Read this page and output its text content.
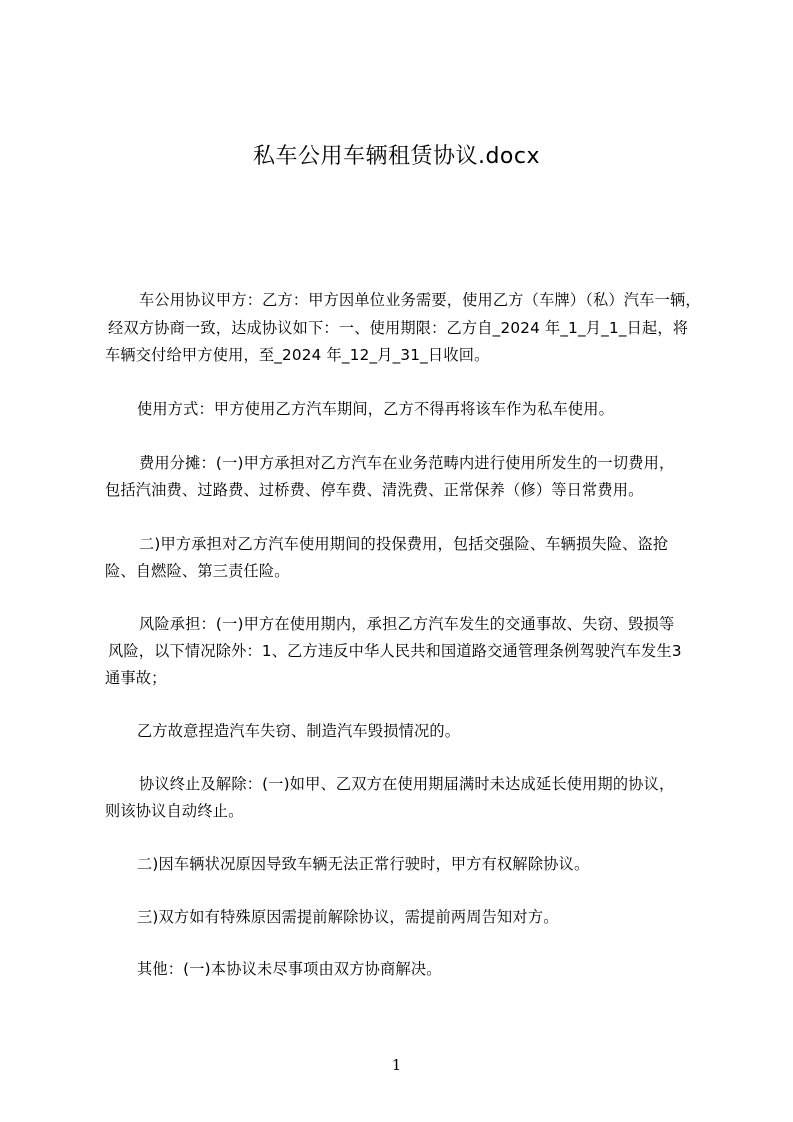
私车公用车辆租赁协议.docx
车公用协议甲方：乙方：甲方因单位业务需要，使用乙方（车牌）（私）汽车一辆，
经双方协商一致，达成协议如下：一、使用期限：乙方自_2024 年_1_月_1_日起，将
车辆交付给甲方使用，至_2024 年_12_月_31_日收回。
使用方式：甲方使用乙方汽车期间，乙方不得再将该车作为私车使用。
费用分摊：(一)甲方承担对乙方汽车在业务范畴内进行使用所发生的一切费用，
包括汽油费、过路费、过桥费、停车费、清洗费、正常保养（修）等日常费用。
二)甲方承担对乙方汽车使用期间的投保费用，包括交强险、车辆损失险、盗抢
险、自燃险、第三责任险。
风险承担：(一)甲方在使用期内，承担乙方汽车发生的交通事故、失窃、毁损等
风险，以下情况除外：1、乙方违反中华人民共和国道路交通管理条例驾驶汽车发生3
通事故；
乙方故意捏造汽车失窃、制造汽车毁损情况的。
协议终止及解除：(一)如甲、乙双方在使用期届满时未达成延长使用期的协议，
则该协议自动终止。
二)因车辆状况原因导致车辆无法正常行驶时，甲方有权解除协议。
三)双方如有特殊原因需提前解除协议，需提前两周告知对方。
其他：(一)本协议未尽事项由双方协商解决。
1
